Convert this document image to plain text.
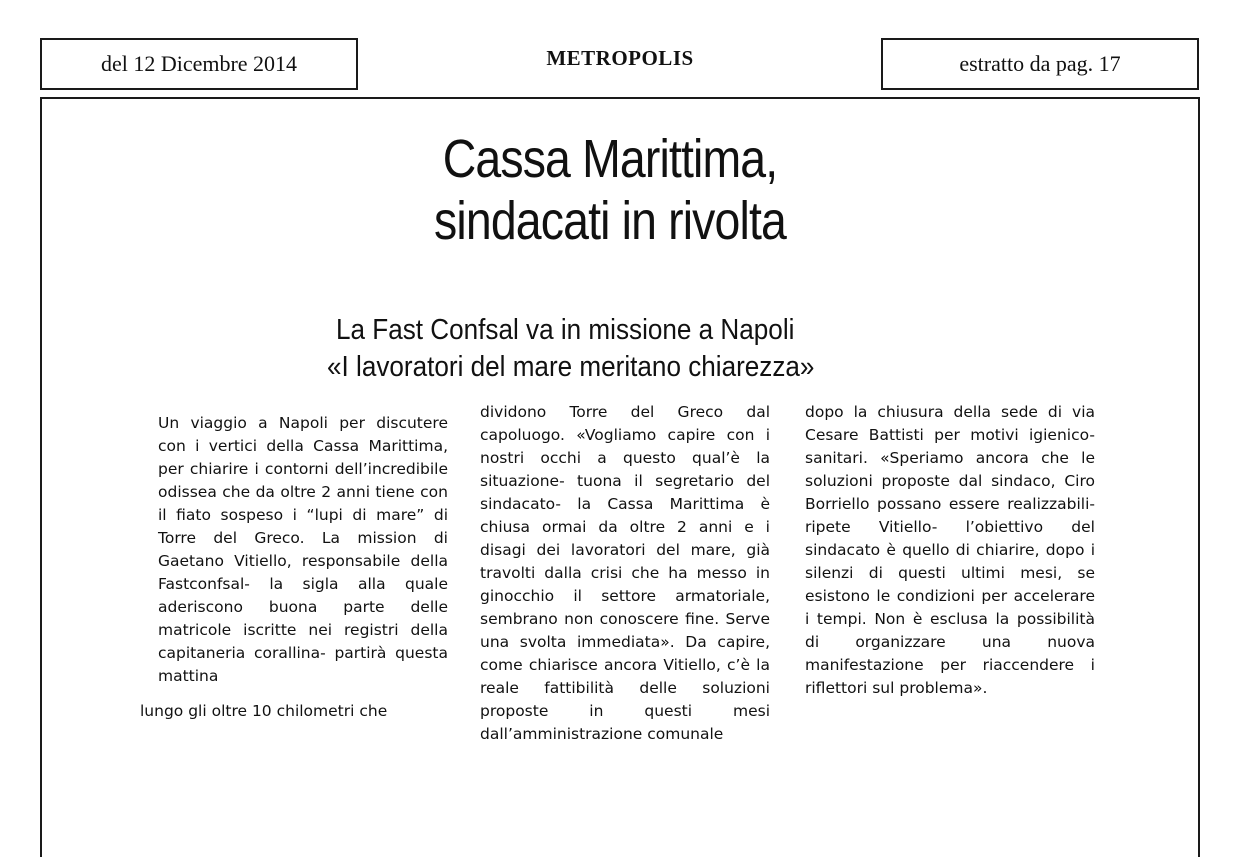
del 12 Dicembre 2014	METROPOLIS	estratto da pag. 17
Cassa Marittima,
sindacati in rivolta
La Fast Confsal va in missione a Napoli
«I lavoratori del mare meritano chiarezza»

Un viaggio a Napoli per discutere con i vertici della Cassa Marittima, per chiarire i contorni dell’incredibile odissea che da oltre 2 anni tiene con il fiato sospeso i “lupi di mare” di Torre del Greco. La mission di Gaetano Vitiello, responsabile della Fastconfsal- la sigla alla quale aderiscono buona parte delle matricole iscritte nei registri della capitaneria corallina- partirà questa mattina

lungo gli oltre 10 chilometri che

dividono Torre del Greco dal capoluogo. «Vogliamo capire con i nostri occhi a questo qual’è la situazione- tuona il segretario del sindacato- la Cassa Marittima è chiusa ormai da oltre 2 anni e i disagi dei lavoratori del mare, già travolti dalla crisi che ha messo in ginocchio il settore armatoriale, sembrano non conoscere fine. Serve una svolta immediata». Da capire, come chiarisce ancora Vitiello, c’è la reale fattibilità delle soluzioni proposte in questi mesi dall’amministrazione comunale

dopo la chiusura della sede di via Cesare Battisti per motivi igienico-sanitari. «Speriamo ancora che le soluzioni proposte dal sindaco, Ciro Borriello possano essere realizzabili- ripete Vitiello- l’obiettivo del sindacato è quello di chiarire, dopo i silenzi di questi ultimi mesi, se esistono le condizioni per accelerare i tempi. Non è esclusa la possibilità di organizzare una nuova manifestazione per riaccendere i riflettori sul problema».
